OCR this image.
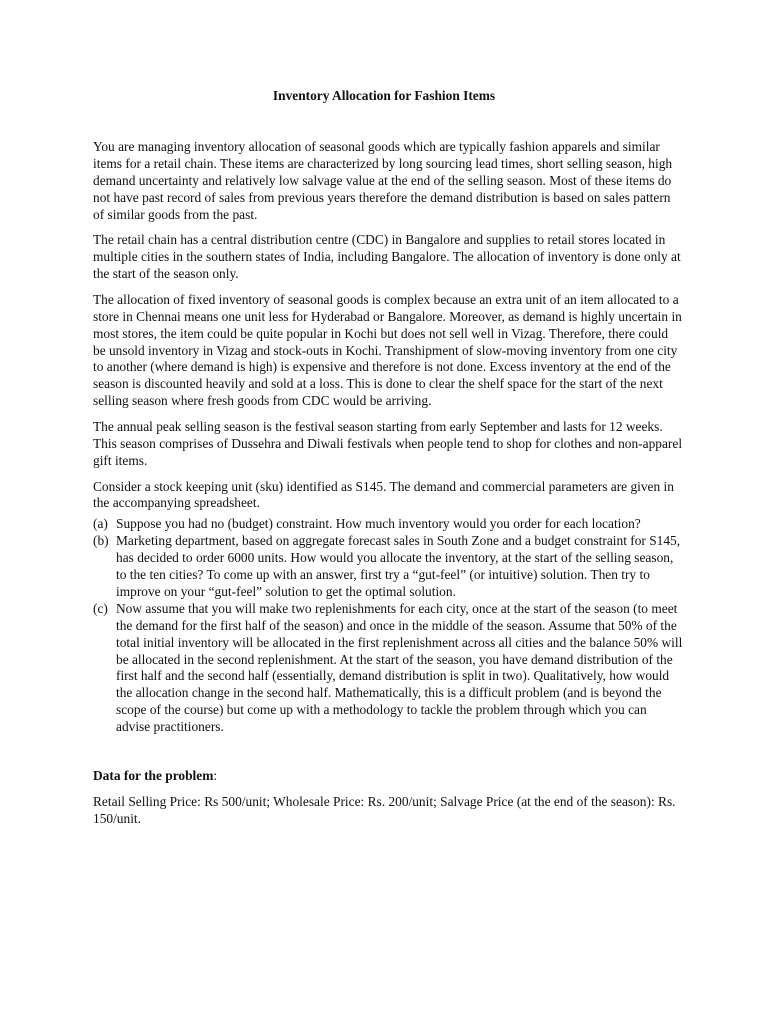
Inventory Allocation for Fashion Items

You are managing inventory allocation of seasonal goods which are typically fashion apparels and similar items for a retail chain. These items are characterized by long sourcing lead times, short selling season, high demand uncertainty and relatively low salvage value at the end of the selling season. Most of these items do not have past record of sales from previous years therefore the demand distribution is based on sales pattern of similar goods from the past.

The retail chain has a central distribution centre (CDC) in Bangalore and supplies to retail stores located in multiple cities in the southern states of India, including Bangalore. The allocation of inventory is done only at the start of the season only.

The allocation of fixed inventory of seasonal goods is complex because an extra unit of an item allocated to a store in Chennai means one unit less for Hyderabad or Bangalore. Moreover, as demand is highly uncertain in most stores, the item could be quite popular in Kochi but does not sell well in Vizag. Therefore, there could be unsold inventory in Vizag and stock-outs in Kochi. Transhipment of slow-moving inventory from one city to another (where demand is high) is expensive and therefore is not done. Excess inventory at the end of the season is discounted heavily and sold at a loss. This is done to clear the shelf space for the start of the next selling season where fresh goods from CDC would be arriving.

The annual peak selling season is the festival season starting from early September and lasts for 12 weeks. This season comprises of Dussehra and Diwali festivals when people tend to shop for clothes and non-apparel gift items.

Consider a stock keeping unit (sku) identified as S145. The demand and commercial parameters are given in the accompanying spreadsheet.

(a) Suppose you had no (budget) constraint. How much inventory would you order for each location?
(b) Marketing department, based on aggregate forecast sales in South Zone and a budget constraint for S145, has decided to order 6000 units. How would you allocate the inventory, at the start of the selling season, to the ten cities? To come up with an answer, first try a “gut-feel” (or intuitive) solution. Then try to improve on your “gut-feel” solution to get the optimal solution.
(c) Now assume that you will make two replenishments for each city, once at the start of the season (to meet the demand for the first half of the season) and once in the middle of the season. Assume that 50% of the total initial inventory will be allocated in the first replenishment across all cities and the balance 50% will be allocated in the second replenishment. At the start of the season, you have demand distribution of the first half and the second half (essentially, demand distribution is split in two). Qualitatively, how would the allocation change in the second half. Mathematically, this is a difficult problem (and is beyond the scope of the course) but come up with a methodology to tackle the problem through which you can advise practitioners.

Data for the problem:

Retail Selling Price: Rs 500/unit; Wholesale Price: Rs. 200/unit; Salvage Price (at the end of the season): Rs. 150/unit.
